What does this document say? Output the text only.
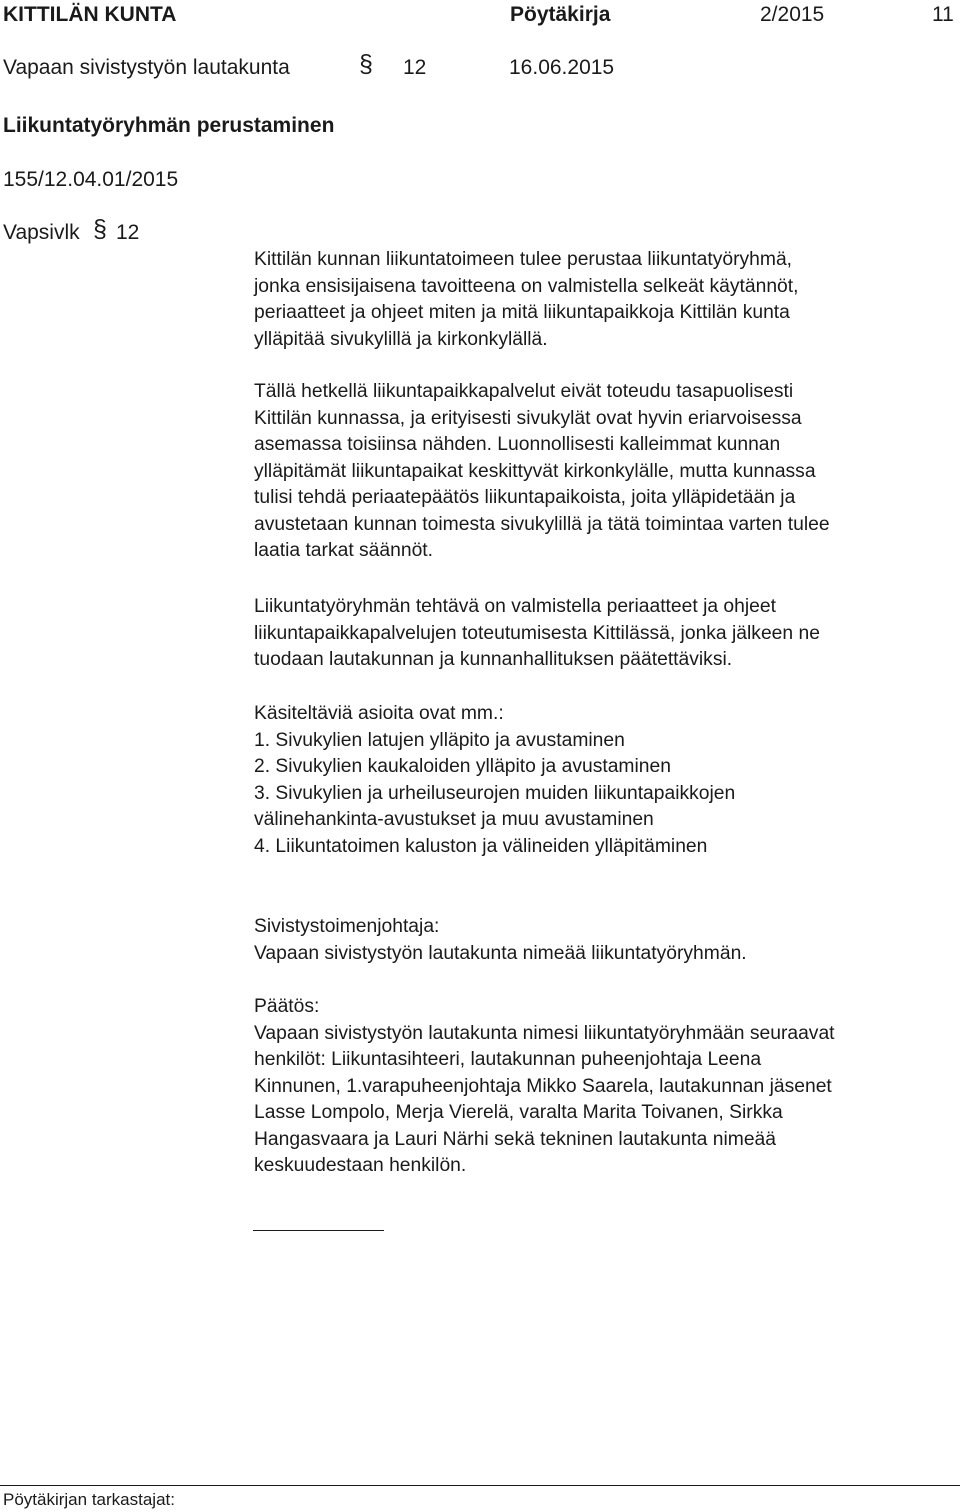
KITTILÄN KUNTA	Pöytäkirja	2/2015	11
Vapaan sivistystyön lautakunta	§ 12	16.06.2015
Liikuntatyöryhmän perustaminen
155/12.04.01/2015
Vapsivlk § 12
Kittilän kunnan liikuntatoimeen tulee perustaa liikuntatyöryhmä,
jonka ensisijaisena tavoitteena on valmistella selkeät käytännöt,
periaatteet ja ohjeet miten ja mitä liikuntapaikkoja Kittilän kunta
ylläpitää sivukylillä ja kirkonkylällä.
Tällä hetkellä liikuntapaikkapalvelut eivät toteudu tasapuolisesti
Kittilän kunnassa, ja erityisesti sivukylät ovat hyvin eriarvoisessa
asemassa toisiinsa nähden. Luonnollisesti kalleimmat kunnan
ylläpitämät liikuntapaikat keskittyvät kirkonkylälle, mutta kunnassa
tulisi tehdä periaatepäätös liikuntapaikoista, joita ylläpidetään ja
avustetaan kunnan toimesta sivukylillä ja tätä toimintaa varten tulee
laatia tarkat säännöt.
Liikuntatyöryhmän tehtävä on valmistella periaatteet ja ohjeet
liikuntapaikkapalvelujen toteutumisesta Kittilässä, jonka jälkeen ne
tuodaan lautakunnan ja kunnanhallituksen päätettäviksi.
Käsiteltäviä asioita ovat mm.:
1. Sivukylien latujen ylläpito ja avustaminen
2. Sivukylien kaukaloiden ylläpito ja avustaminen
3. Sivukylien ja urheiluseurojen muiden liikuntapaikkojen
välinehankinta-avustukset ja muu avustaminen
4. Liikuntatoimen kaluston ja välineiden ylläpitäminen
Sivistystoimenjohtaja:
Vapaan sivistystyön lautakunta nimeää liikuntatyöryhmän.
Päätös:
Vapaan sivistystyön lautakunta nimesi liikuntatyöryhmään seuraavat
henkilöt: Liikuntasihteeri, lautakunnan puheenjohtaja Leena
Kinnunen, 1.varapuheenjohtaja Mikko Saarela, lautakunnan jäsenet
Lasse Lompolo, Merja Vierelä, varalta Marita Toivanen, Sirkka
Hangasvaara ja Lauri Närhi sekä tekninen lautakunta nimeää
keskuudestaan henkilön.
Pöytäkirjan tarkastajat:
